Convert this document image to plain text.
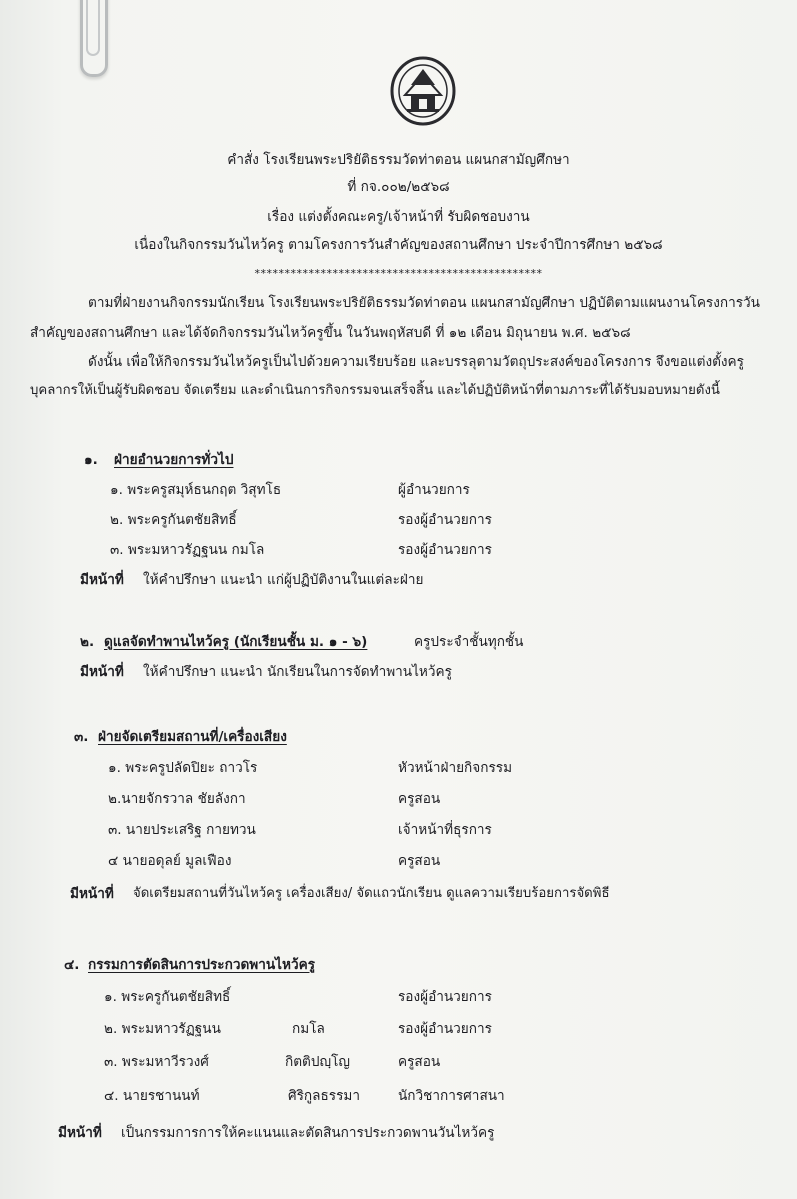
คำสั่ง โรงเรียนพระปริยัติธรรมวัดท่าตอน แผนกสามัญศึกษา
ที่ กจ.๐๐๒/๒๕๖๘
เรื่อง แต่งตั้งคณะครู/เจ้าหน้าที่ รับผิดชอบงาน
เนื่องในกิจกรรมวันไหว้ครู ตามโครงการวันสำคัญของสถานศึกษา ประจำปีการศึกษา ๒๕๖๘
************************************************
ตามที่ฝ่ายงานกิจกรรมนักเรียน โรงเรียนพระปริยัติธรรมวัดท่าตอน แผนกสามัญศึกษา ปฏิบัติตามแผนงานโครงการวัน
สำคัญของสถานศึกษา และได้จัดกิจกรรมวันไหว้ครูขึ้น ในวันพฤหัสบดี ที่ ๑๒ เดือน มิถุนายน พ.ศ. ๒๕๖๘
ดังนั้น เพื่อให้กิจกรรมวันไหว้ครูเป็นไปด้วยความเรียบร้อย และบรรลุตามวัตถุประสงค์ของโครงการ จึงขอแต่งตั้งครู
บุคลากรให้เป็นผู้รับผิดชอบ จัดเตรียม และดำเนินการกิจกรรมจนเสร็จสิ้น และได้ปฏิบัติหน้าที่ตามภาระที่ได้รับมอบหมายดังนี้
๑. ฝ่ายอำนวยการทั่วไป
๑. พระครูสมุห์ธนกฤต วิสุทโธ	ผู้อำนวยการ
๒. พระครูกันตชัยสิทธิ์	รองผู้อำนวยการ
๓. พระมหาวรัฏฐนน กมโล	รองผู้อำนวยการ
มีหน้าที่ ให้คำปรึกษา แนะนำ แก่ผู้ปฏิบัติงานในแต่ละฝ่าย
๒. ดูแลจัดทำพานไหว้ครู (นักเรียนชั้น ม. ๑ - ๖)	ครูประจำชั้นทุกชั้น
มีหน้าที่ ให้คำปรึกษา แนะนำ นักเรียนในการจัดทำพานไหว้ครู
๓. ฝ่ายจัดเตรียมสถานที่/เครื่องเสียง
๑. พระครูปลัดปิยะ ถาวโร	หัวหน้าฝ่ายกิจกรรม
๒.นายจักรวาล ชัยลังกา	ครูสอน
๓. นายประเสริฐ กายทวน	เจ้าหน้าที่ธุรการ
๔ นายอดุลย์ มูลเฟือง	ครูสอน
มีหน้าที่ จัดเตรียมสถานที่วันไหว้ครู เครื่องเสียง/ จัดแถวนักเรียน ดูแลความเรียบร้อยการจัดพิธี
๔. กรรมการตัดสินการประกวดพานไหว้ครู
๑. พระครูกันตชัยสิทธิ์	รองผู้อำนวยการ
๒. พระมหาวรัฏฐนน	กมโล	รองผู้อำนวยการ
๓. พระมหาวีรวงศ์	กิตติปญฺโญ	ครูสอน
๔. นายรชานนท์	ศิริกูลธรรมา	นักวิชาการศาสนา
มีหน้าที่ เป็นกรรมการการให้คะแนนและตัดสินการประกวดพานวันไหว้ครู
